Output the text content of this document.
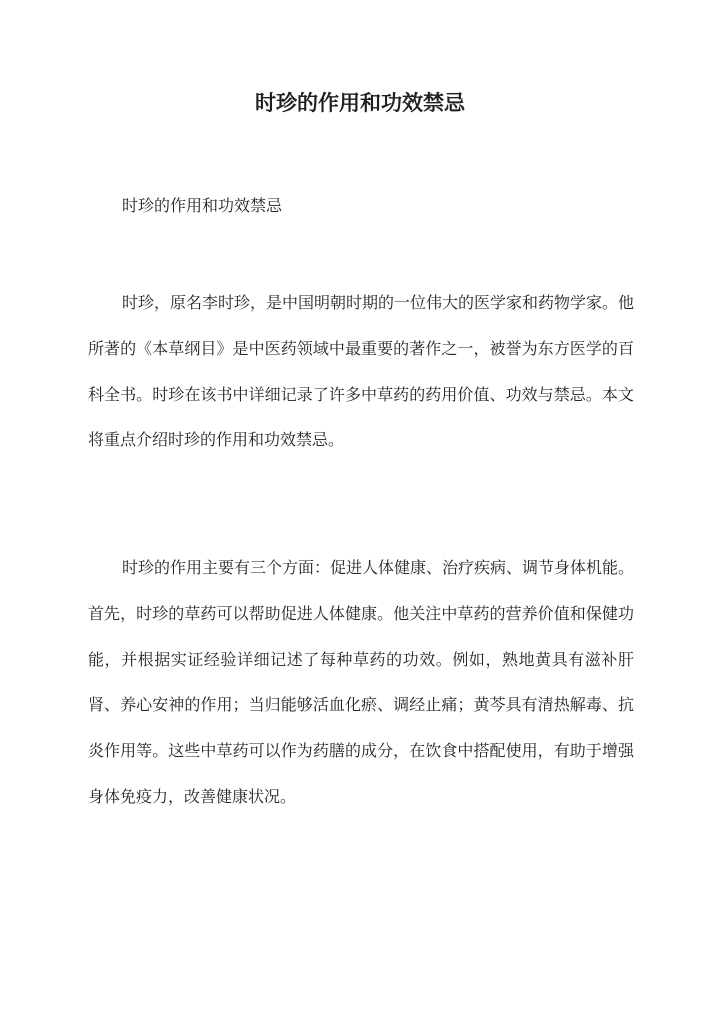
时珍的作用和功效禁忌

时珍的作用和功效禁忌

时珍，原名李时珍，是中国明朝时期的一位伟大的医学家和药物学家。他所著的《本草纲目》是中医药领域中最重要的著作之一，被誉为东方医学的百科全书。时珍在该书中详细记录了许多中草药的药用价值、功效与禁忌。本文将重点介绍时珍的作用和功效禁忌。

时珍的作用主要有三个方面：促进人体健康、治疗疾病、调节身体机能。首先，时珍的草药可以帮助促进人体健康。他关注中草药的营养价值和保健功能，并根据实证经验详细记述了每种草药的功效。例如，熟地黄具有滋补肝肾、养心安神的作用；当归能够活血化瘀、调经止痛；黄芩具有清热解毒、抗炎作用等。这些中草药可以作为药膳的成分，在饮食中搭配使用，有助于增强身体免疫力，改善健康状况。
